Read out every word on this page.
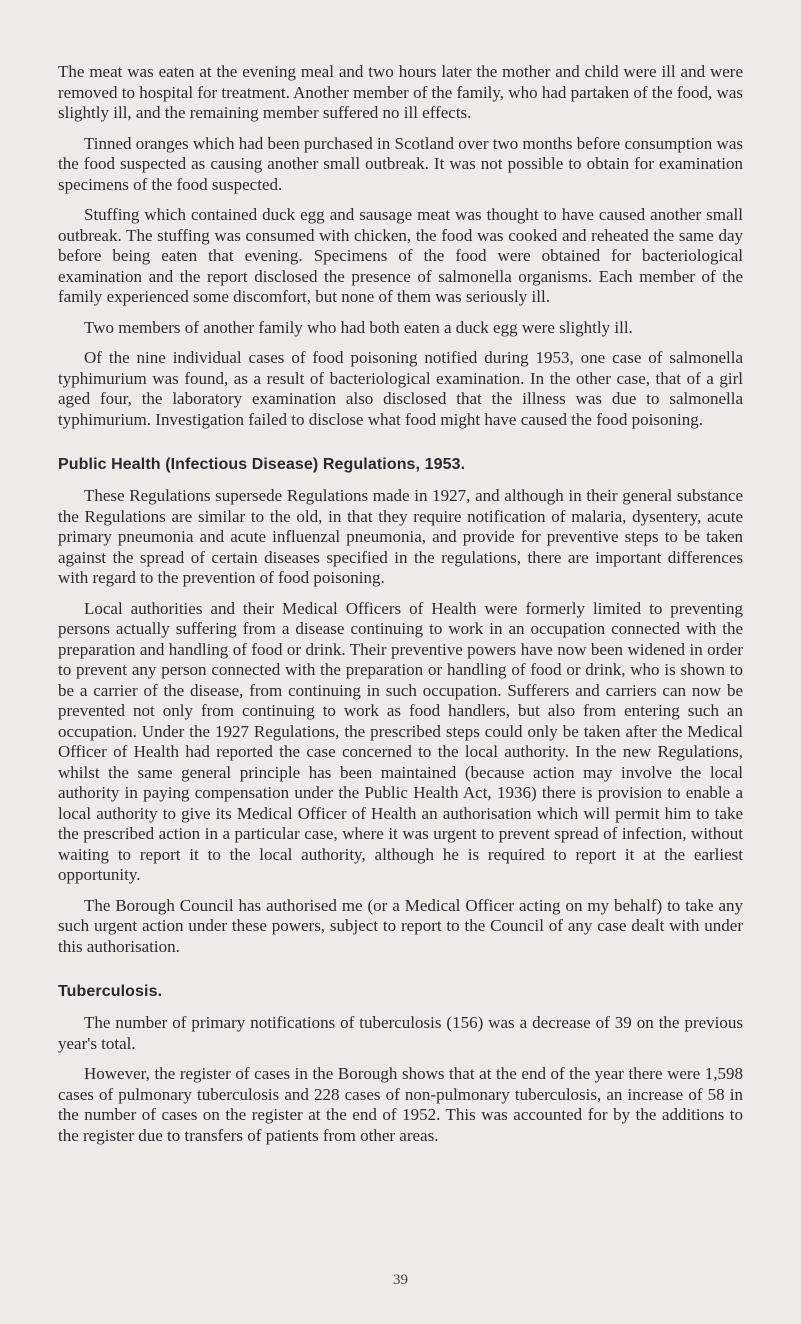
The meat was eaten at the evening meal and two hours later the mother and child were ill and were removed to hospital for treatment. Another member of the family, who had partaken of the food, was slightly ill, and the remaining member suffered no ill effects.

Tinned oranges which had been purchased in Scotland over two months before consumption was the food suspected as causing another small outbreak. It was not possible to obtain for examination specimens of the food suspected.

Stuffing which contained duck egg and sausage meat was thought to have caused another small outbreak. The stuffing was consumed with chicken, the food was cooked and reheated the same day before being eaten that evening. Specimens of the food were obtained for bacteriological examination and the report disclosed the presence of salmonella organisms. Each member of the family experienced some discomfort, but none of them was seriously ill.

Two members of another family who had both eaten a duck egg were slightly ill.

Of the nine individual cases of food poisoning notified during 1953, one case of salmonella typhimurium was found, as a result of bacteriological examination. In the other case, that of a girl aged four, the laboratory examination also disclosed that the illness was due to salmonella typhimurium. Investigation failed to disclose what food might have caused the food poisoning.

Public Health (Infectious Disease) Regulations, 1953.

These Regulations supersede Regulations made in 1927, and although in their general substance the Regulations are similar to the old, in that they require notification of malaria, dysentery, acute primary pneumonia and acute influenzal pneumonia, and provide for preventive steps to be taken against the spread of certain diseases specified in the regulations, there are important differences with regard to the prevention of food poisoning.

Local authorities and their Medical Officers of Health were formerly limited to preventing persons actually suffering from a disease continuing to work in an occupation connected with the preparation and handling of food or drink. Their preventive powers have now been widened in order to prevent any person connected with the preparation or handling of food or drink, who is shown to be a carrier of the disease, from continuing in such occupation. Sufferers and carriers can now be prevented not only from continuing to work as food handlers, but also from entering such an occupation. Under the 1927 Regulations, the prescribed steps could only be taken after the Medical Officer of Health had reported the case concerned to the local authority. In the new Regulations, whilst the same general principle has been maintained (because action may involve the local authority in paying compensation under the Public Health Act, 1936) there is provision to enable a local authority to give its Medical Officer of Health an authorisation which will permit him to take the prescribed action in a particular case, where it was urgent to prevent spread of infection, without waiting to report it to the local authority, although he is required to report it at the earliest opportunity.

The Borough Council has authorised me (or a Medical Officer acting on my behalf) to take any such urgent action under these powers, subject to report to the Council of any case dealt with under this authorisation.

Tuberculosis.

The number of primary notifications of tuberculosis (156) was a decrease of 39 on the previous year's total.

However, the register of cases in the Borough shows that at the end of the year there were 1,598 cases of pulmonary tuberculosis and 228 cases of non-pulmonary tuberculosis, an increase of 58 in the number of cases on the register at the end of 1952. This was accounted for by the additions to the register due to transfers of patients from other areas.

39
